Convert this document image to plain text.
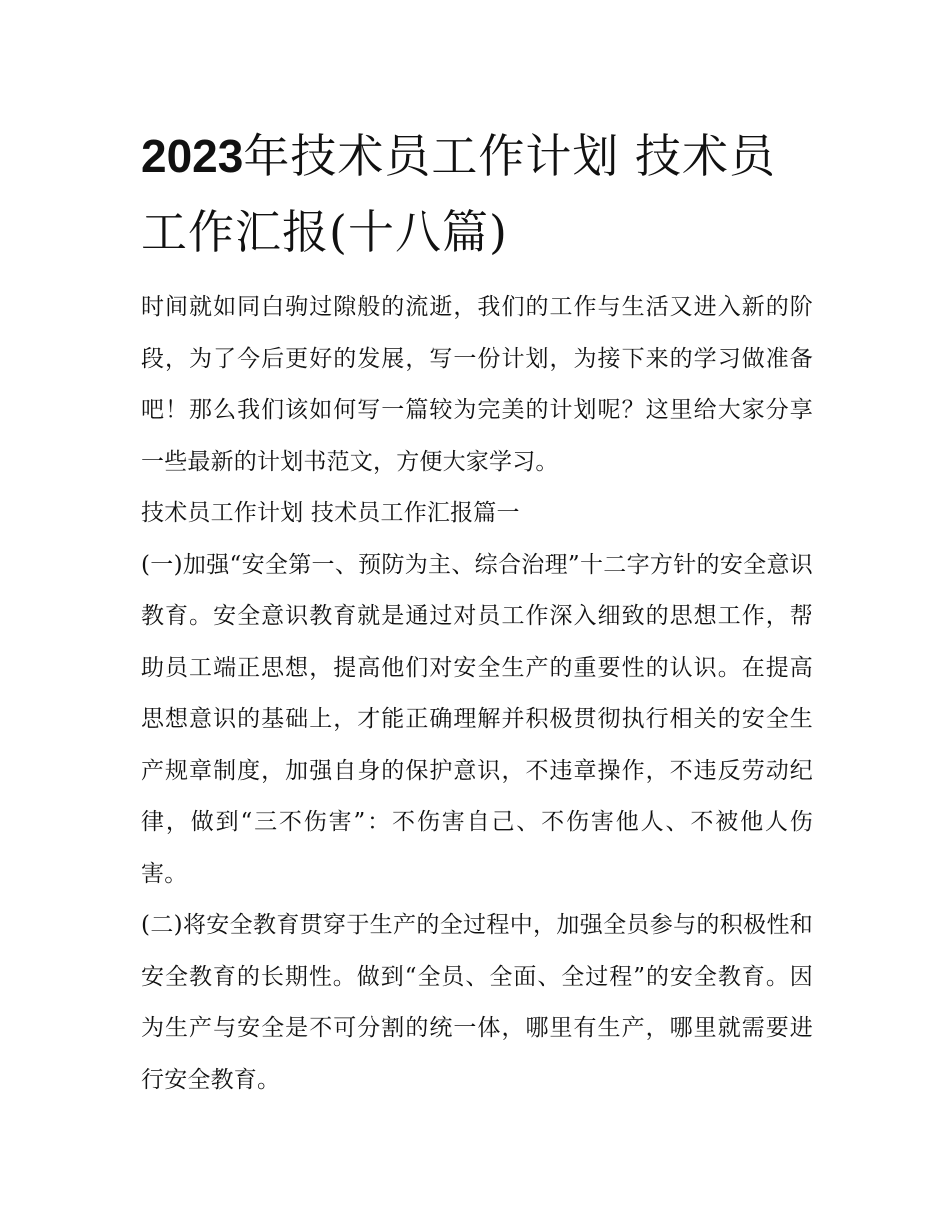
2023年技术员工作计划 技术员工作汇报(十八篇)

时间就如同白驹过隙般的流逝，我们的工作与生活又进入新的阶段，为了今后更好的发展，写一份计划，为接下来的学习做准备吧！那么我们该如何写一篇较为完美的计划呢？这里给大家分享一些最新的计划书范文，方便大家学习。

技术员工作计划 技术员工作汇报篇一

(一)加强“安全第一、预防为主、综合治理”十二字方针的安全意识教育。安全意识教育就是通过对员工作深入细致的思想工作，帮助员工端正思想，提高他们对安全生产的重要性的认识。在提高思想意识的基础上，才能正确理解并积极贯彻执行相关的安全生产规章制度，加强自身的保护意识，不违章操作，不违反劳动纪律，做到“三不伤害”：不伤害自己、不伤害他人、不被他人伤害。

(二)将安全教育贯穿于生产的全过程中，加强全员参与的积极性和安全教育的长期性。做到“全员、全面、全过程”的安全教育。因为生产与安全是不可分割的统一体，哪里有生产，哪里就需要进行安全教育。
